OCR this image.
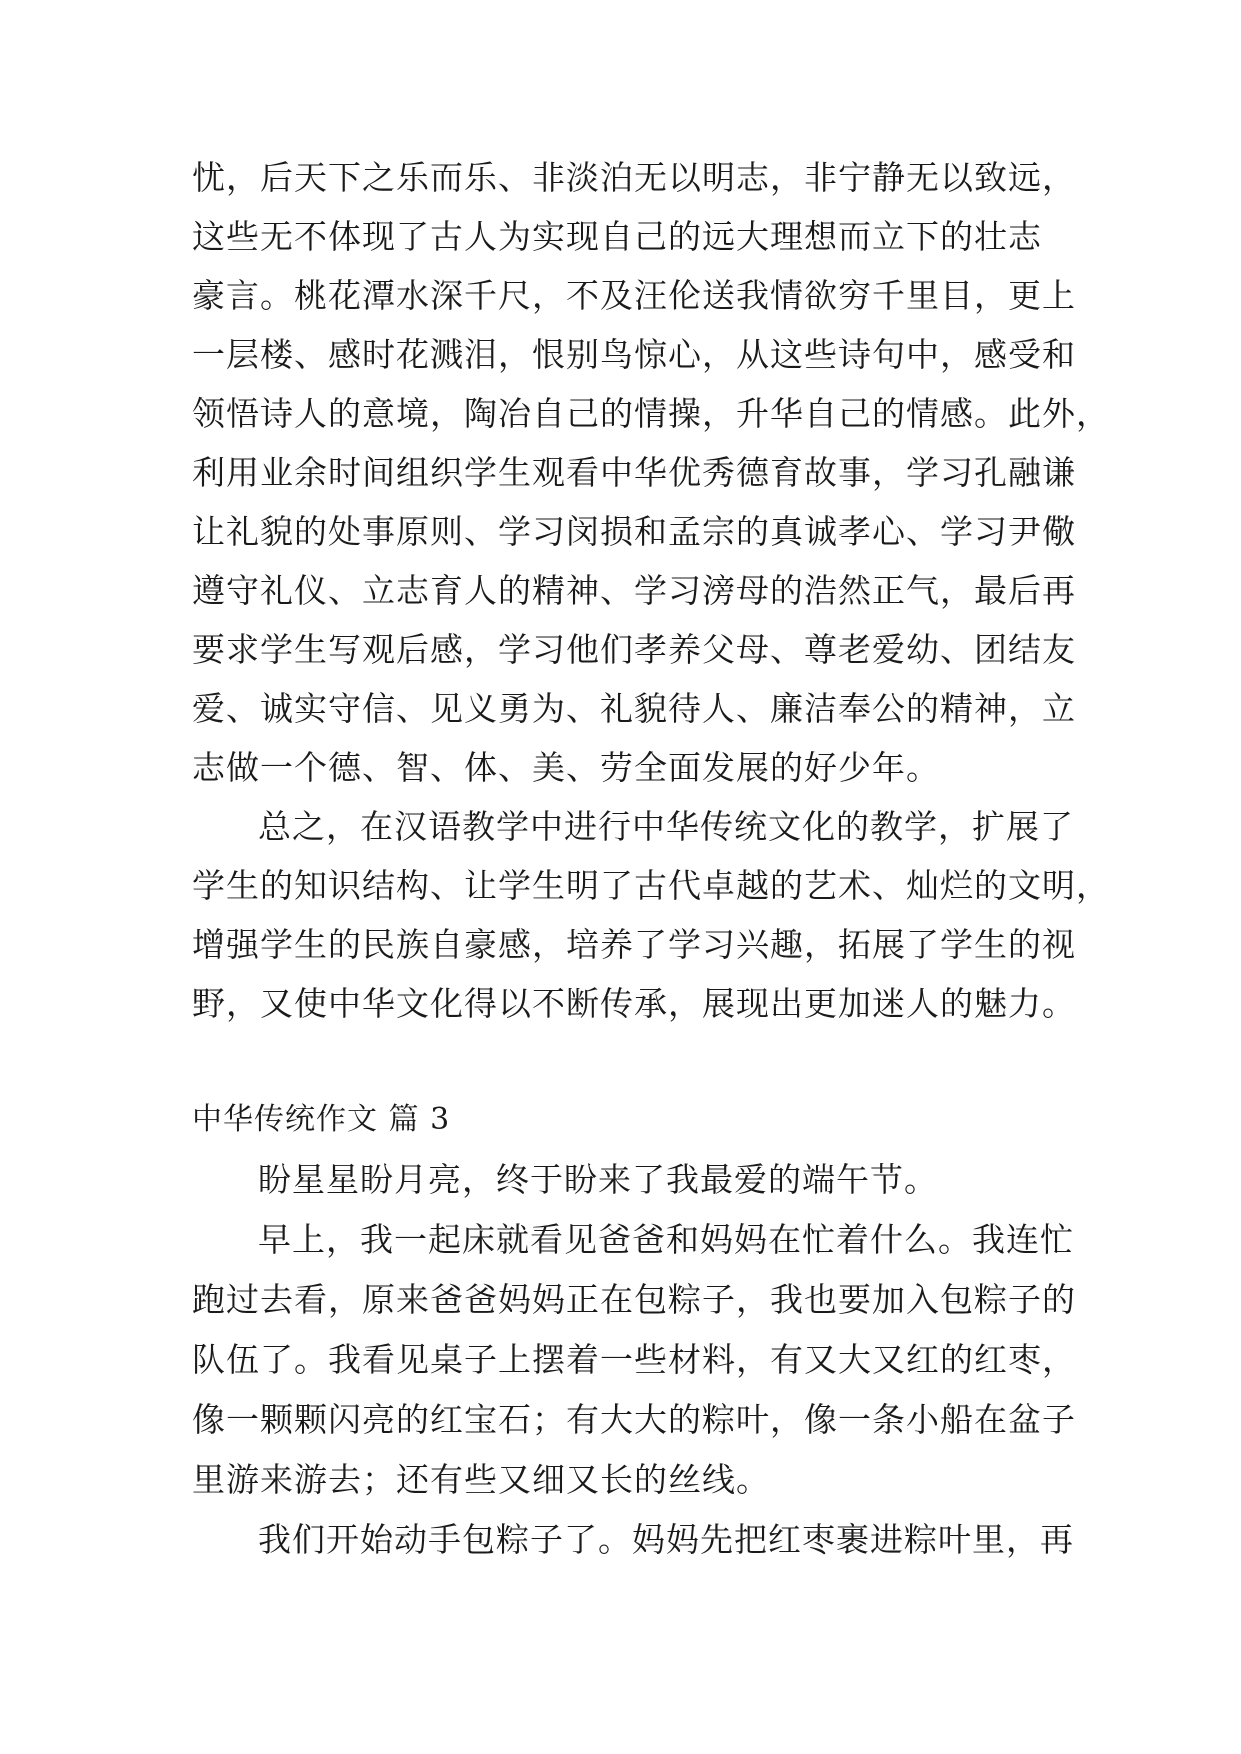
忧，后天下之乐而乐、非淡泊无以明志，非宁静无以致远，
这些无不体现了古人为实现自己的远大理想而立下的壮志
豪言。桃花潭水深千尺，不及汪伦送我情欲穷千里目，更上
一层楼、感时花溅泪，恨别鸟惊心，从这些诗句中，感受和
领悟诗人的意境，陶冶自己的情操，升华自己的情感。此外，
利用业余时间组织学生观看中华优秀德育故事，学习孔融谦
让礼貌的处事原则、学习闵损和孟宗的真诚孝心、学习尹儆
遵守礼仪、立志育人的精神、学习滂母的浩然正气，最后再
要求学生写观后感，学习他们孝养父母、尊老爱幼、团结友
爱、诚实守信、见义勇为、礼貌待人、廉洁奉公的精神，立
志做一个德、智、体、美、劳全面发展的好少年。
总之，在汉语教学中进行中华传统文化的教学，扩展了
学生的知识结构、让学生明了古代卓越的艺术、灿烂的文明，
增强学生的民族自豪感，培养了学习兴趣，拓展了学生的视
野，又使中华文化得以不断传承，展现出更加迷人的魅力。
中华传统作文 篇 3
盼星星盼月亮，终于盼来了我最爱的端午节。
早上，我一起床就看见爸爸和妈妈在忙着什么。我连忙
跑过去看，原来爸爸妈妈正在包粽子，我也要加入包粽子的
队伍了。我看见桌子上摆着一些材料，有又大又红的红枣，
像一颗颗闪亮的红宝石；有大大的粽叶，像一条小船在盆子
里游来游去；还有些又细又长的丝线。
我们开始动手包粽子了。妈妈先把红枣裹进粽叶里，再
